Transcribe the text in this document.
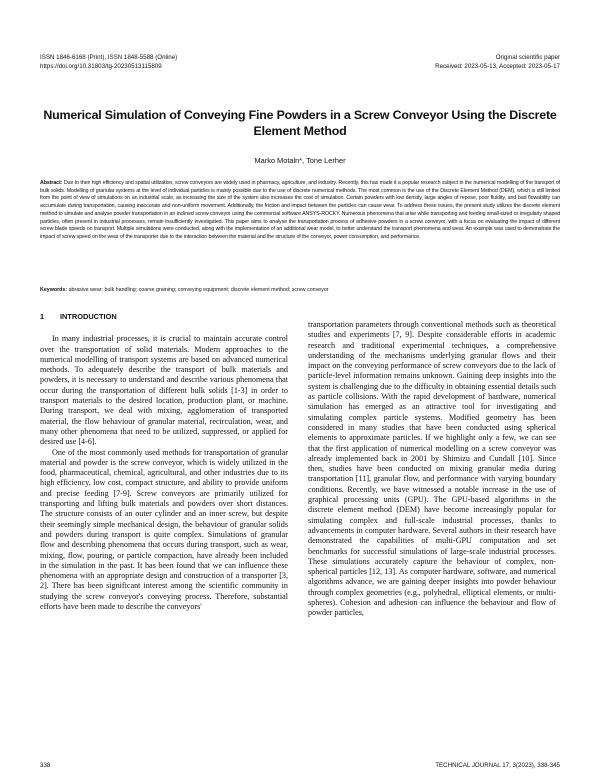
ISSN 1846-6168 (Print), ISSN 1848-5588 (Online)
https://doi.org/10.31803/tg-20230513115809
Original scientific paper
Received: 2023-05-13, Accepted: 2023-05-17
Numerical Simulation of Conveying Fine Powders in a Screw Conveyor Using the Discrete Element Method
Marko Motaln*, Tone Lerher
Abstract: Due to their high efficiency and spatial utilization, screw conveyors are widely used in pharmacy, agriculture, and industry. Recently, this has made it a popular research subject in the numerical modelling of the transport of bulk solids. Modelling of granular systems at the level of individual particles is mainly possible due to the use of discrete numerical methods. The most common is the use of the Discrete Element Method (DEM), which is still limited from the point of view of simulations on an industrial scale, as increasing the size of the system also increases the cost of simulation. Certain powders with low density, large angles of repose, poor fluidity, and bad flowability can accumulate during transportation, causing inaccurate and non-uniform movement. Additionally, the friction and impact between the particles can cause wear. To address these issues, the present study utilizes the discrete element method to simulate and analyse powder transportation in an inclined screw conveyor using the commercial software ANSYS-ROCKY. Numerous phenomena that arise while transporting and feeding small-sized or irregularly shaped particles, often present in industrial processes, remain insufficiently investigated. This paper aims to analyse the transportation process of adhesive powders in a screw conveyor, with a focus on evaluating the impact of different screw blade speeds on transport. Multiple simulations were conducted, along with the implementation of an additional wear model, to better understand the transport phenomena and wear. An example was used to demonstrate the impact of screw speed on the wear of the transporter due to the interaction between the material and the structure of the conveyor, power consumption, and performance.
Keywords: abrasive wear; bulk handling; coarse graining; conveying equipment; discrete element method; screw conveyor
1 INTRODUCTION

In many industrial processes, it is crucial to maintain accurate control over the transportation of solid materials. Modern approaches to the numerical modelling of transport systems are based on advanced numerical methods. To adequately describe the transport of bulk materials and powders, it is necessary to understand and describe various phenomena that occur during the transportation of different bulk solids [1-3] in order to transport materials to the desired location, production plant, or machine. During transport, we deal with mixing, agglomeration of transported material, the flow behaviour of granular material, recirculation, wear, and many other phenomena that need to be utilized, suppressed, or applied for desired use [4-6].

One of the most commonly used methods for transportation of granular material and powder is the screw conveyor, which is widely utilized in the food, pharmaceutical, chemical, agricultural, and other industries due to its high efficiency, low cost, compact structure, and ability to provide uniform and precise feeding [7-9]. Screw conveyors are primarily utilized for transporting and lifting bulk materials and powders over short distances. The structure consists of an outer cylinder and an inner screw, but despite their seemingly simple mechanical design, the behaviour of granular solids and powders during transport is quite complex. Simulations of granular flow and describing phenomena that occurs during transport, such as wear, mixing, flow, pouring, or particle compaction, have already been included in the simulation in the past. It has been found that we can influence these phenomena with an appropriate design and construction of a transporter [3, 2]. There has been significant interest among the scientific community in studying the screw conveyor's conveying process. Therefore, substantial efforts have been made to describe the conveyors'

transportation parameters through conventional methods such as theoretical studies and experiments [7, 9]. Despite considerable efforts in academic research and traditional experimental techniques, a comprehensive understanding of the mechanisms underlying granular flows and their impact on the conveying performance of screw conveyors due to the lack of particle-level information remains unknown. Gaining deep insights into the system is challenging due to the difficulty in obtaining essential details such as particle collisions. With the rapid development of hardware, numerical simulation has emerged as an attractive tool for investigating and simulating complex particle systems. Modified geometry has been considered in many studies that have been conducted using spherical elements to approximate particles. If we highlight only a few, we can see that the first application of numerical modelling on a screw conveyor was already implemented back in 2001 by Shimizu and Cundall [10]. Since then, studies have been conducted on mixing granular media during transportation [11], granular flow, and performance with varying boundary conditions. Recently, we have witnessed a notable increase in the use of graphical processing units (GPU). The GPU-based algorithms in the discrete element method (DEM) have become increasingly popular for simulating complex and full-scale industrial processes, thanks to advancements in computer hardware. Several authors in their research have demonstrated the capabilities of multi-GPU computation and set benchmarks for successful simulations of large-scale industrial processes. These simulations accurately capture the behaviour of complex, non-spherical particles [12, 13]. As computer hardware, software, and numerical algorithms advance, we are gaining deeper insights into powder behaviour through complex geometries (e.g., polyhedral, elliptical elements, or multi-spheres). Cohesion and adhesion can influence the behaviour and flow of powder particles,

338	TECHNICAL JOURNAL 17, 3(2023), 338-345
